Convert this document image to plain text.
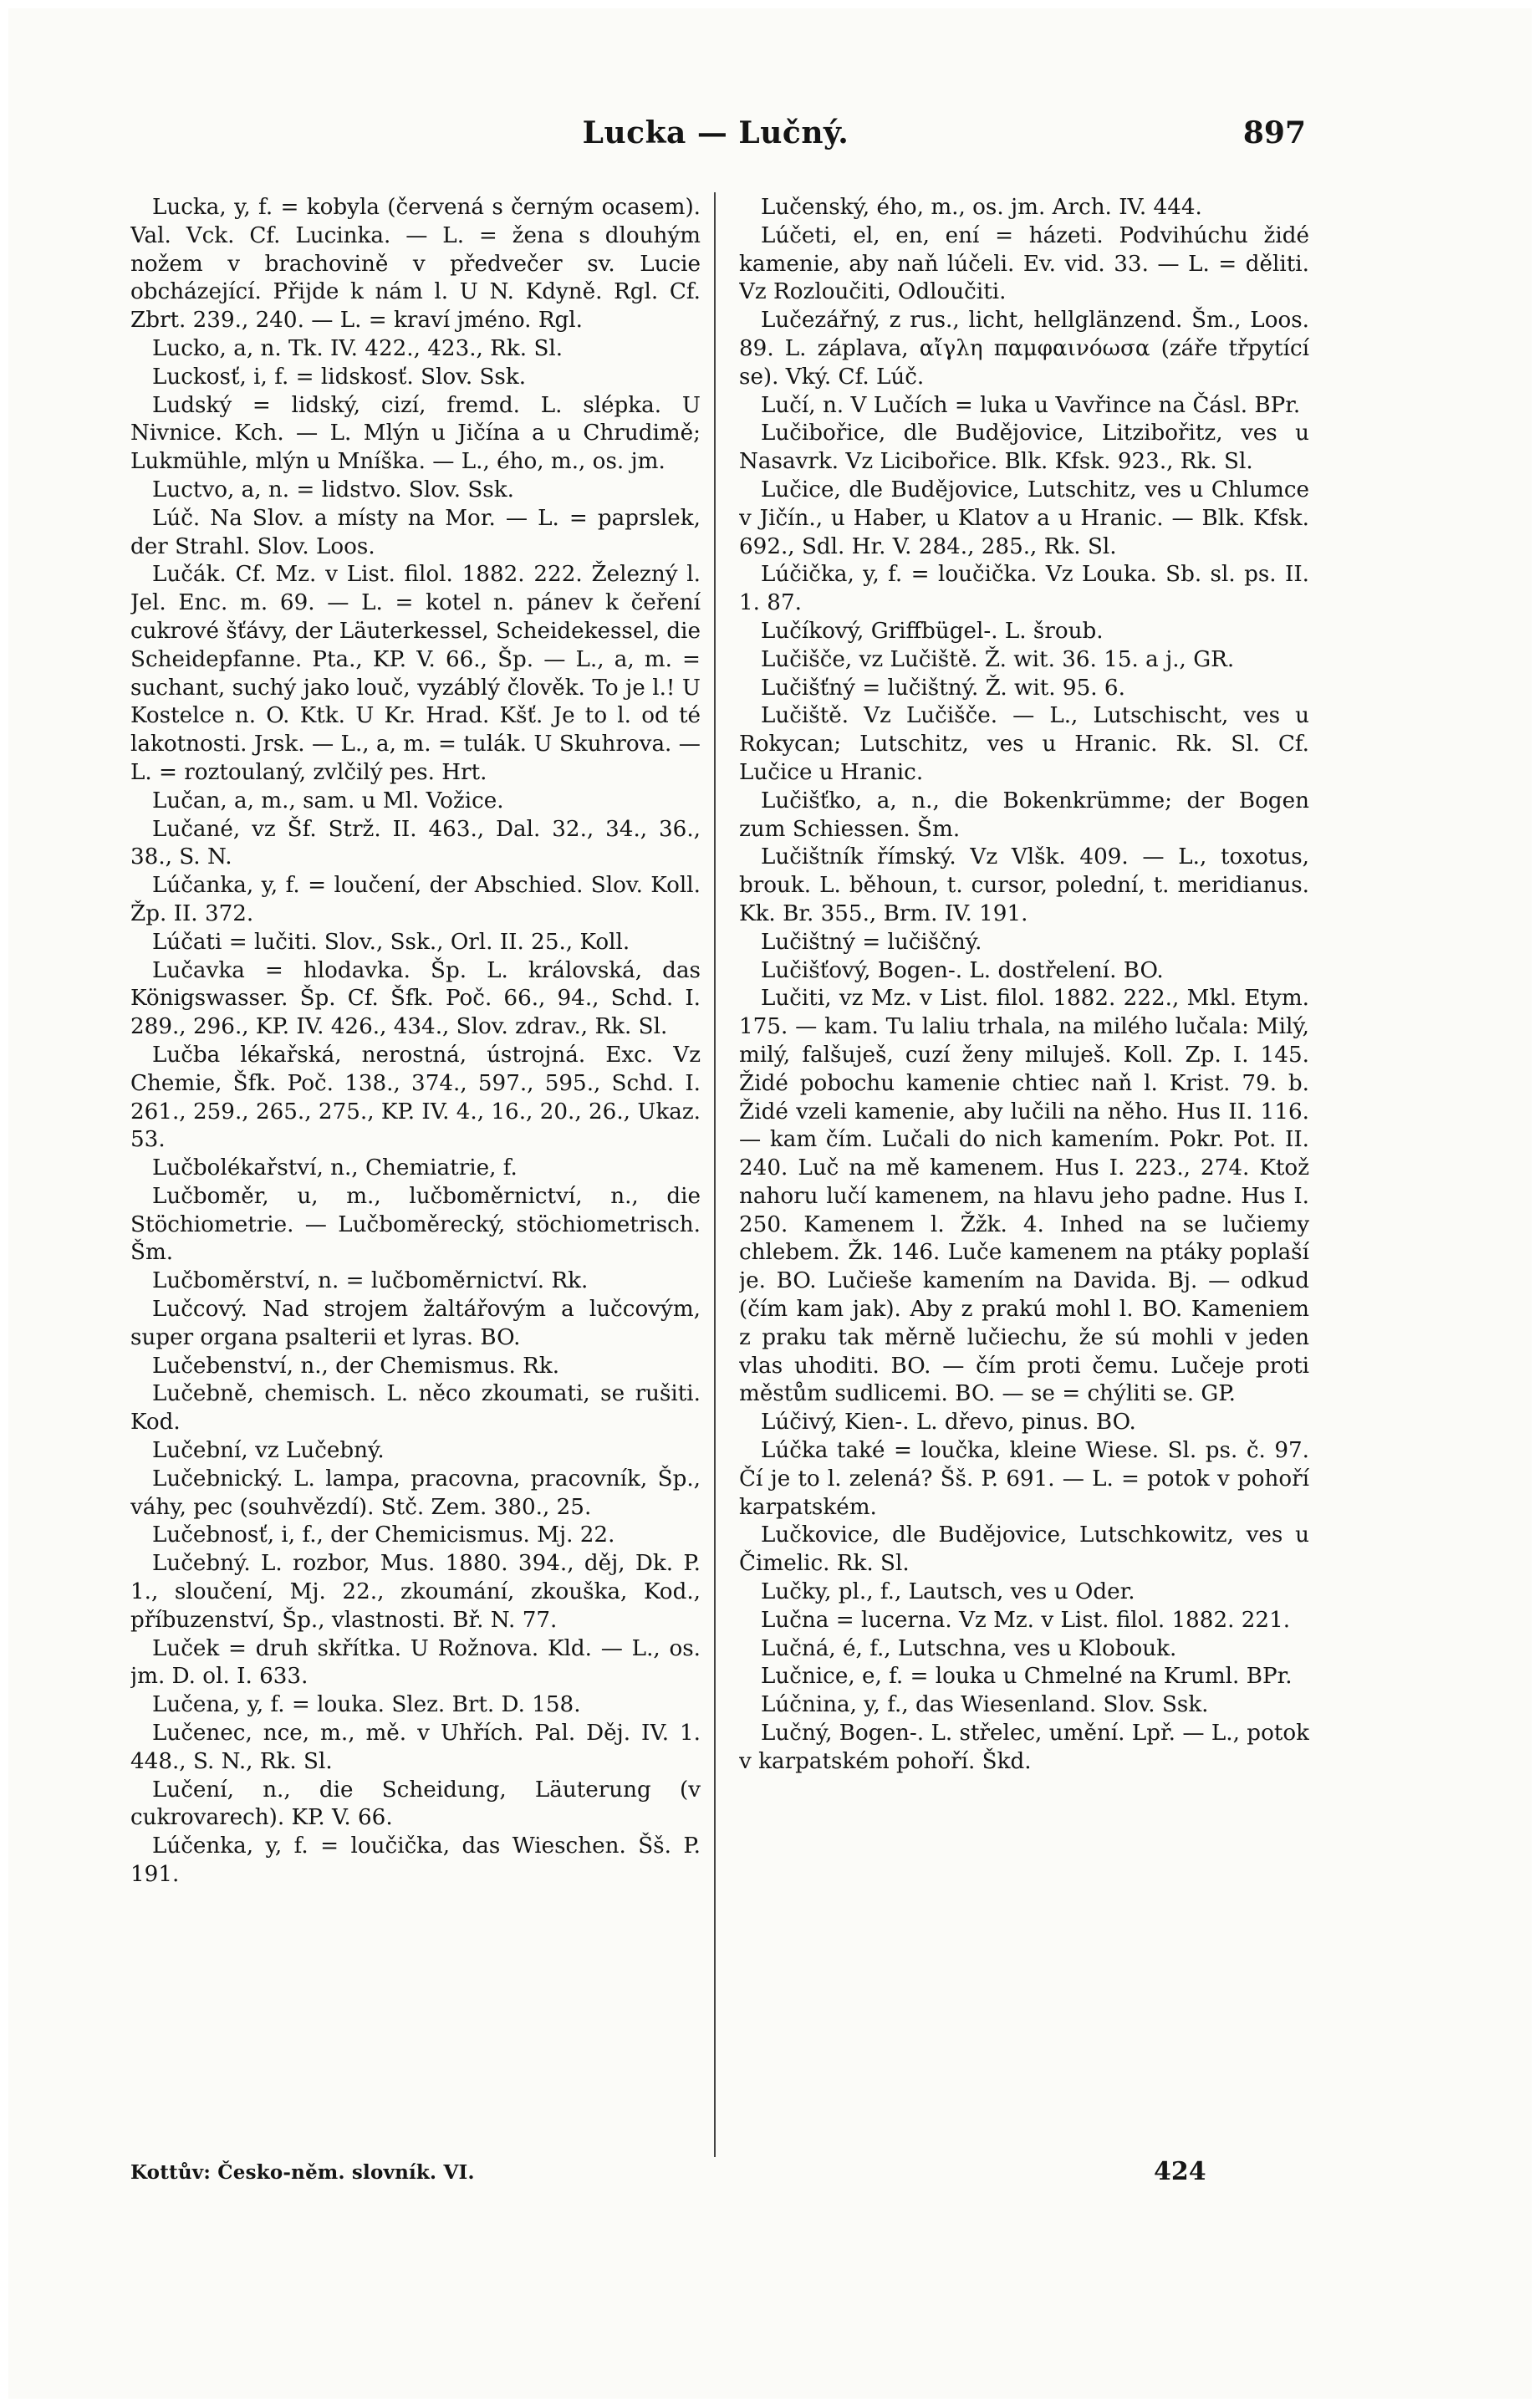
Lucka — Lučný.	897

Lucka, y, f. = kobyla (červená s černým ocasem). Val. Vck. Cf. Lucinka. — L. = žena s dlouhým nožem v brachovině v předvečer sv. Lucie obcházející. Přijde k nám l. U N. Kdyně. Rgl. Cf. Zbrt. 239., 240. — L. = kraví jméno. Rgl.

Lucko, a, n. Tk. IV. 422., 423., Rk. Sl.

Luckosť, i, f. = lidskosť. Slov. Ssk.

Ludský = lidský, cizí, fremd. L. slépka. U Nivnice. Kch. — L. Mlýn u Jičína a u Chrudimě; Lukmühle, mlýn u Mníška. — L., ého, m., os. jm.

Luctvo, a, n. = lidstvo. Slov. Ssk.

Lúč. Na Slov. a místy na Mor. — L. = paprslek, der Strahl. Slov. Loos.

Lučák. Cf. Mz. v List. filol. 1882. 222. Železný l. Jel. Enc. m. 69. — L. = kotel n. pánev k čeření cukrové šťávy, der Läuterkessel, Scheidekessel, die Scheidepfanne. Pta., KP. V. 66., Šp. — L., a, m. = suchant, suchý jako louč, vyzáblý člověk. To je l.! U Kostelce n. O. Ktk. U Kr. Hrad. Kšť. Je to l. od té lakotnosti. Jrsk. — L., a, m. = tulák. U Skuhrova. — L. = roztoulaný, zvlčilý pes. Hrt.

Lučan, a, m., sam. u Ml. Vožice.

Lučané, vz Šf. Strž. II. 463., Dal. 32., 34., 36., 38., S. N.

Lúčanka, y, f. = loučení, der Abschied. Slov. Koll. Žp. II. 372.

Lúčati = lučiti. Slov., Ssk., Orl. II. 25., Koll.

Lučavka = hlodavka. Šp. L. královská, das Königswasser. Šp. Cf. Šfk. Poč. 66., 94., Schd. I. 289., 296., KP. IV. 426., 434., Slov. zdrav., Rk. Sl.

Lučba lékařská, nerostná, ústrojná. Exc. Vz Chemie, Šfk. Poč. 138., 374., 597., 595., Schd. I. 261., 259., 265., 275., KP. IV. 4., 16., 20., 26., Ukaz. 53.

Lučbolékařství, n., Chemiatrie, f.

Lučboměr, u, m., lučboměrnictví, n., die Stöchiometrie. — Lučboměrecký, stöchiometrisch. Šm.

Lučboměrství, n. = lučboměrnictví. Rk.

Lučcový. Nad strojem žaltářovým a lučcovým, super organa psalterii et lyras. BO.

Lučebenství, n., der Chemismus. Rk.

Lučebně, chemisch. L. něco zkoumati, se rušiti. Kod.

Lučební, vz Lučebný.

Lučebnický. L. lampa, pracovna, pracovník, Šp., váhy, pec (souhvězdí). Stč. Zem. 380., 25.

Lučebnosť, i, f., der Chemicismus. Mj. 22.

Lučebný. L. rozbor, Mus. 1880. 394., děj, Dk. P. 1., sloučení, Mj. 22., zkoumání, zkouška, Kod., příbuzenství, Šp., vlastnosti. Bř. N. 77.

Luček = druh skřítka. U Rožnova. Kld. — L., os. jm. D. ol. I. 633.

Lučena, y, f. = louka. Slez. Brt. D. 158.

Lučenec, nce, m., mě. v Uhřích. Pal. Děj. IV. 1. 448., S. N., Rk. Sl.

Lučení, n., die Scheidung, Läuterung (v cukrovarech). KP. V. 66.

Lúčenka, y, f. = loučička, das Wieschen. Šš. P. 191.

Lučenský, ého, m., os. jm. Arch. IV. 444.

Lúčeti, el, en, ení = házeti. Podvihúchu židé kamenie, aby naň lúčeli. Ev. vid. 33. — L. = děliti. Vz Rozloučiti, Odloučiti.

Lučezářný, z rus., licht, hellglänzend. Šm., Loos. 89. L. záplava, αἴγλη παμφαινόωσα (záře třpytící se). Vký. Cf. Lúč.

Lučí, n. V Lučích = luka u Vavřince na Čásl. BPr.

Lučibořice, dle Budějovice, Litzibořitz, ves u Nasavrk. Vz Licibořice. Blk. Kfsk. 923., Rk. Sl.

Lučice, dle Budějovice, Lutschitz, ves u Chlumce v Jičín., u Haber, u Klatov a u Hranic. — Blk. Kfsk. 692., Sdl. Hr. V. 284., 285., Rk. Sl.

Lúčička, y, f. = loučička. Vz Louka. Sb. sl. ps. II. 1. 87.

Lučíkový, Griffbügel-. L. šroub.

Lučišče, vz Lučiště. Ž. wit. 36. 15. a j., GR.

Lučišťný = lučištný. Ž. wit. 95. 6.

Lučiště. Vz Lučišče. — L., Lutschischt, ves u Rokycan; Lutschitz, ves u Hranic. Rk. Sl. Cf. Lučice u Hranic.

Lučišťko, a, n., die Bokenkrümme; der Bogen zum Schiessen. Šm.

Lučištník římský. Vz Vlšk. 409. — L., toxotus, brouk. L. běhoun, t. cursor, polední, t. meridianus. Kk. Br. 355., Brm. IV. 191.

Lučištný = lučiščný.

Lučišťový, Bogen-. L. dostřelení. BO.

Lučiti, vz Mz. v List. filol. 1882. 222., Mkl. Etym. 175. — kam. Tu laliu trhala, na milého lučala: Milý, milý, falšuješ, cuzí ženy miluješ. Koll. Zp. I. 145. Židé pobochu kamenie chtiec naň l. Krist. 79. b. Židé vzeli kamenie, aby lučili na něho. Hus II. 116. — kam čím. Lučali do nich kamením. Pokr. Pot. II. 240. Luč na mě kamenem. Hus I. 223., 274. Ktož nahoru lučí kamenem, na hlavu jeho padne. Hus I. 250. Kamenem l. Žžk. 4. Inhed na se lučiemy chlebem. Žk. 146. Luče kamenem na ptáky poplaší je. BO. Lučieše kamením na Davida. Bj. — odkud (čím kam jak). Aby z prakú mohl l. BO. Kameniem z praku tak měrně lučiechu, že sú mohli v jeden vlas uhoditi. BO. — čím proti čemu. Lučeje proti městům sudlicemi. BO. — se = chýliti se. GP.

Lúčivý, Kien-. L. dřevo, pinus. BO.

Lúčka také = loučka, kleine Wiese. Sl. ps. č. 97. Čí je to l. zelená? Šš. P. 691. — L. = potok v pohoří karpatském.

Lučkovice, dle Budějovice, Lutschkowitz, ves u Čimelic. Rk. Sl.

Lučky, pl., f., Lautsch, ves u Oder.

Lučna = lucerna. Vz Mz. v List. filol. 1882. 221.

Lučná, é, f., Lutschna, ves u Klobouk.

Lučnice, e, f. = louka u Chmelné na Kruml. BPr.

Lúčnina, y, f., das Wiesenland. Slov. Ssk.

Lučný, Bogen-. L. střelec, umění. Lpř. — L., potok v karpatském pohoří. Škd.

Kottův: Česko-něm. slovník. VI.	424
